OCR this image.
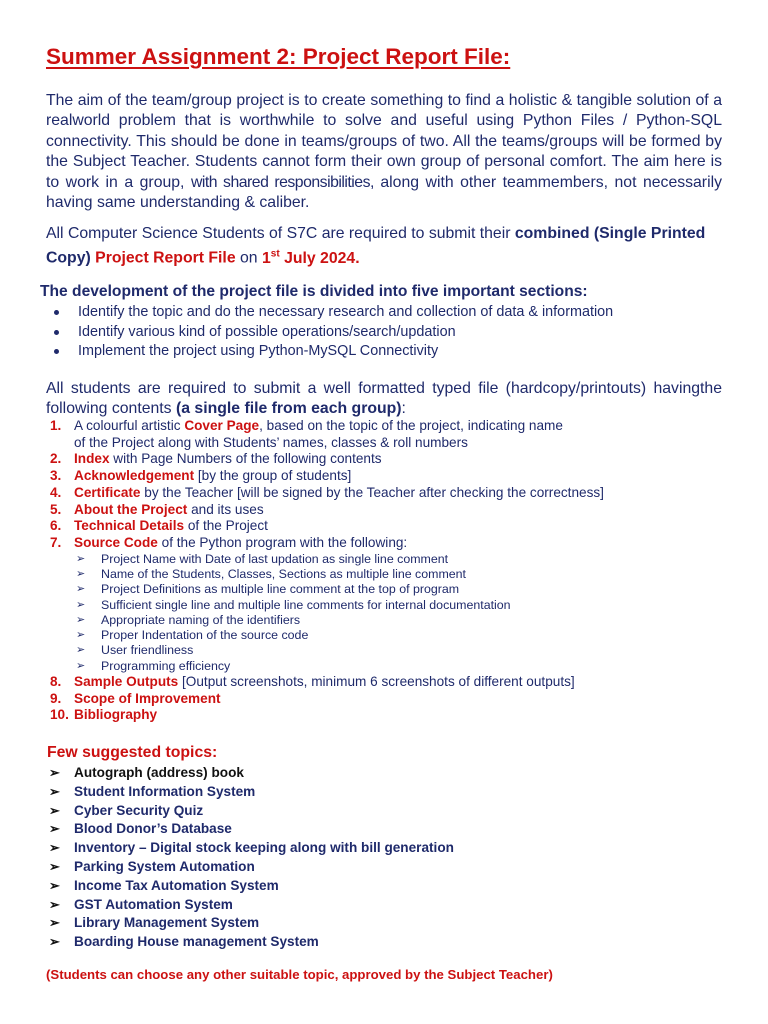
Summer Assignment 2: Project Report File:

The aim of the team/group project is to create something to find a holistic & tangible solution of a realworld problem that is worthwhile to solve and useful using Python Files / Python-SQL connectivity. This should be done in teams/groups of two. All the teams/groups will be formed by the Subject Teacher. Students cannot form their own group of personal comfort. The aim here is to work in a group, with shared responsibilities, along with other teammembers, not necessarily having same understanding & caliber.

All Computer Science Students of S7C are required to submit their combined (Single Printed Copy) Project Report File on 1st July 2024.

The development of the project file is divided into five important sections:
Identify the topic and do the necessary research and collection of data & information
Identify various kind of possible operations/search/updation
Implement the project using Python-MySQL Connectivity

All students are required to submit a well formatted typed file (hardcopy/printouts) havingthe following contents (a single file from each group):

1. A colourful artistic Cover Page, based on the topic of the project, indicating name
of the Project along with Students’ names, classes & roll numbers
2. Index with Page Numbers of the following contents
3. Acknowledgement [by the group of students]
4. Certificate by the Teacher [will be signed by the Teacher after checking the correctness]
5. About the Project and its uses
6. Technical Details of the Project
7. Source Code of the Python program with the following:
➢ Project Name with Date of last updation as single line comment
➢ Name of the Students, Classes, Sections as multiple line comment
➢ Project Definitions as multiple line comment at the top of program
➢ Sufficient single line and multiple line comments for internal documentation
➢ Appropriate naming of the identifiers
➢ Proper Indentation of the source code
➢ User friendliness
➢ Programming efficiency
8. Sample Outputs [Output screenshots, minimum 6 screenshots of different outputs]
9. Scope of Improvement
10. Bibliography
Few suggested topics:
➢ Autograph (address) book
➢ Student Information System
➢ Cyber Security Quiz
➢ Blood Donor’s Database
➢ Inventory – Digital stock keeping along with bill generation
➢ Parking System Automation
➢ Income Tax Automation System
➢ GST Automation System
➢ Library Management System
➢ Boarding House management System
(Students can choose any other suitable topic, approved by the Subject Teacher)
